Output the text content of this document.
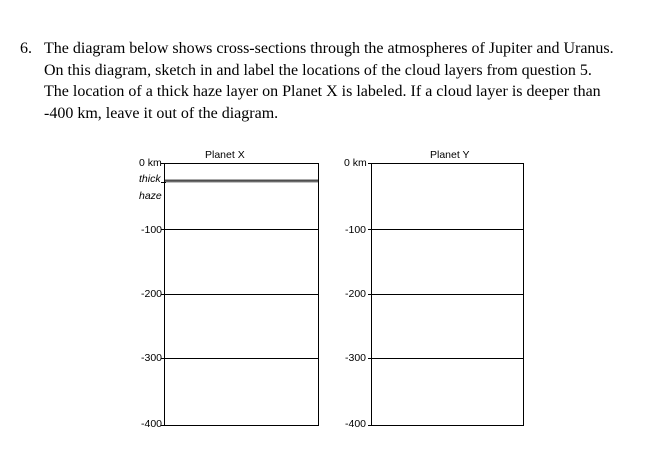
6. The diagram below shows cross-sections through the atmospheres of Jupiter and Uranus.
On this diagram, sketch in and label the locations of the cloud layers from question 5.
The location of a thick haze layer on Planet X is labeled. If a cloud layer is deeper than
-400 km, leave it out of the diagram.
Planet X
0 km
thick
haze
-100
-200
-300
-400
Planet Y
0 km
-100
-200
-300
-400
